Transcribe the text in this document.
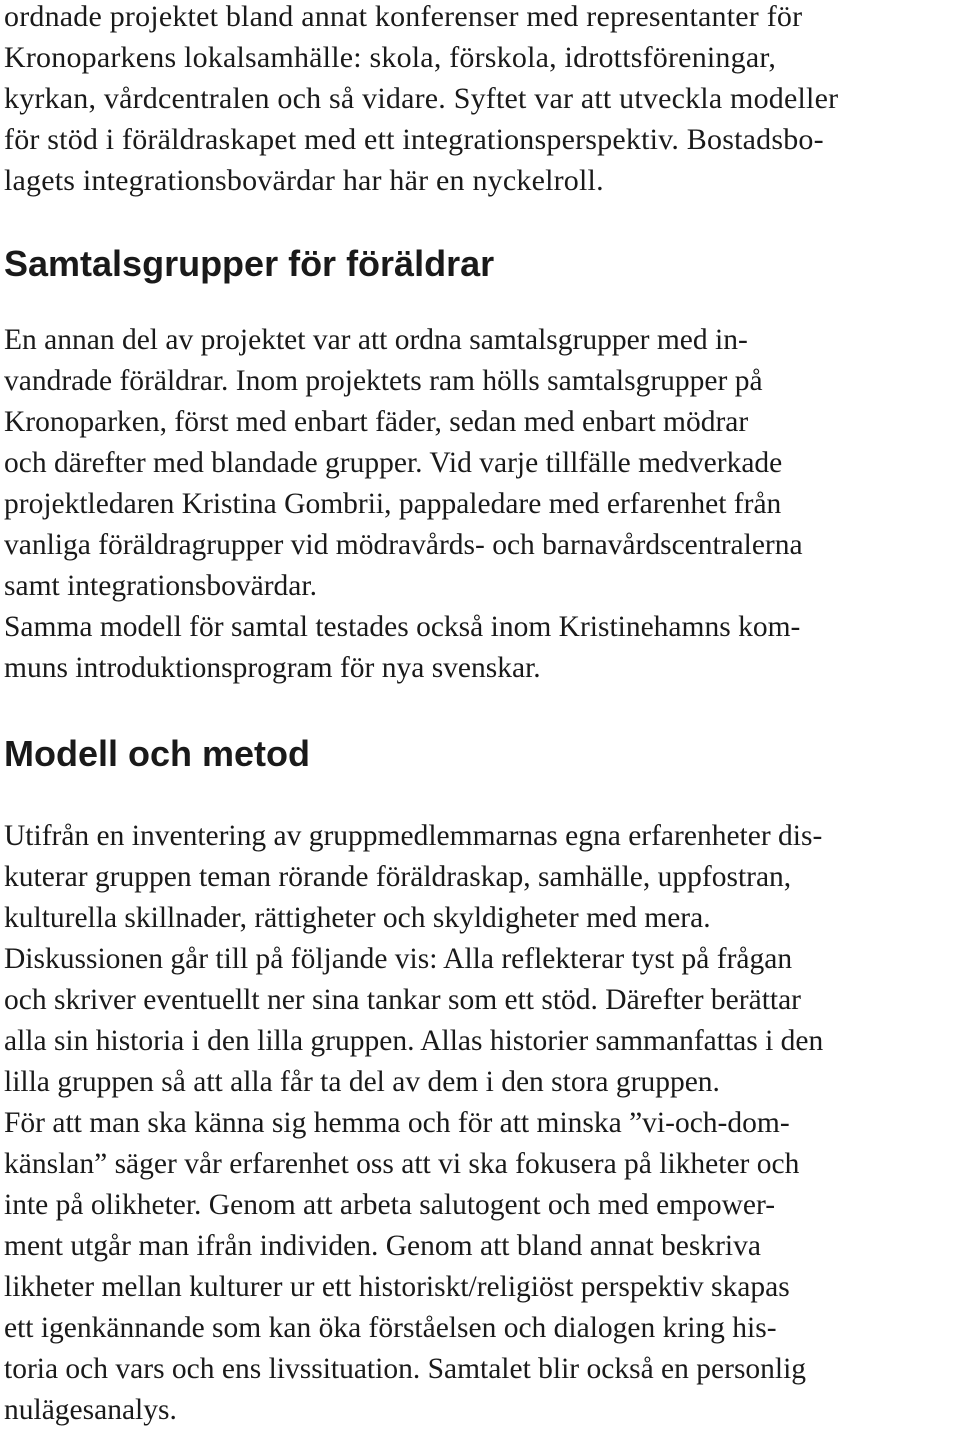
ordnade projektet bland annat konferenser med representanter för
Kronoparkens lokalsamhälle: skola, förskola, idrottsföreningar,
kyrkan, vårdcentralen och så vidare. Syftet var att utveckla modeller
för stöd i föräldraskapet med ett integrationsperspektiv. Bostadsbo-
lagets integrationsbovärdar har här en nyckelroll.
Samtalsgrupper för föräldrar
En annan del av projektet var att ordna samtalsgrupper med in-
vandrade föräldrar. Inom projektets ram hölls samtalsgrupper på
Kronoparken, först med enbart fäder, sedan med enbart mödrar
och därefter med blandade grupper. Vid varje tillfälle medverkade
projektledaren Kristina Gombrii, pappaledare med erfarenhet från
vanliga föräldragrupper vid mödravårds- och barnavårdscentralerna
samt integrationsbovärdar.
Samma modell för samtal testades också inom Kristinehamns kom-
muns introduktionsprogram för nya svenskar.
Modell och metod
Utifrån en inventering av gruppmedlemmarnas egna erfarenheter dis-
kuterar gruppen teman rörande föräldraskap, samhälle, uppfostran,
kulturella skillnader, rättigheter och skyldigheter med mera.
Diskussionen går till på följande vis: Alla reflekterar tyst på frågan
och skriver eventuellt ner sina tankar som ett stöd. Därefter berättar
alla sin historia i den lilla gruppen. Allas historier sammanfattas i den
lilla gruppen så att alla får ta del av dem i den stora gruppen.
För att man ska känna sig hemma och för att minska ”vi-och-dom-
känslan” säger vår erfarenhet oss att vi ska fokusera på likheter och
inte på olikheter. Genom att arbeta salutogent och med empower-
ment utgår man ifrån individen. Genom att bland annat beskriva
likheter mellan kulturer ur ett historiskt/religiöst perspektiv skapas
ett igenkännande som kan öka förståelsen och dialogen kring his-
toria och vars och ens livssituation. Samtalet blir också en personlig
nulägesanalys.
